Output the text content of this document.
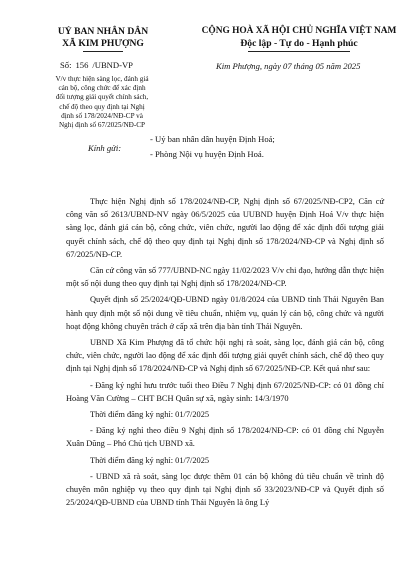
UỶ BAN NHÂN DÂN
XÃ KIM PHƯỢNG
CỘNG HOÀ XÃ HỘI CHỦ NGHĨA VIỆT NAM
Độc lập - Tự do - Hạnh phúc
Số: 156 /UBND-VP	Kim Phượng, ngày 07 tháng 05 năm 2025
V/v thực hiện sàng lọc, đánh giá
cán bộ, công chức để xác định
đối tượng giải quyết chính sách,
chế độ theo quy định tại Nghị
định số 178/2024/NĐ-CP và
Nghị định số 67/2025/NĐ-CP
Kính gửi:
- Uỷ ban nhân dân huyện Định Hoá;
- Phòng Nội vụ huyện Định Hoá.

Thực hiện Nghị định số 178/2024/NĐ-CP, Nghị định số 67/2025/NĐ-CP2, Căn cứ công văn số 2613/UBND-NV ngày 06/5/2025 của UUBND huyện Định Hoá V/v thực hiện sàng lọc, đánh giá cán bộ, công chức, viên chức, người lao động để xác định đối tượng giải quyết chính sách, chế độ theo quy định tại Nghị định số 178/2024/NĐ-CP và Nghị định số 67/2025/NĐ-CP.

Căn cứ công văn số 777/UBND-NC ngày 11/02/2023 V/v chi đạo, hướng dẫn thực hiện một số nội dung theo quy định tại Nghị định số 178/2024/NĐ-CP.

Quyết định số 25/2024/QĐ-UBND ngày 01/8/2024 của UBND tỉnh Thái Nguyên Ban hành quy định một số nội dung về tiêu chuẩn, nhiệm vụ, quản lý cán bộ, công chức và người hoạt động không chuyên trách ở cấp xã trên địa bàn tỉnh Thái Nguyên.

UBND Xã Kim Phượng đã tổ chức hội nghị rà soát, sàng lọc, đánh giá cán bộ, công chức, viên chức, người lao động để xác định đối tượng giải quyết chính sách, chế độ theo quy định tại Nghị định số 178/2024/NĐ-CP và Nghị định số 67/2025/NĐ-CP. Kết quả như sau:

- Đăng ký nghỉ hưu trước tuổi theo Điều 7 Nghị định 67/2025/NĐ-CP: có 01 đồng chí Hoàng Văn Cường – CHT BCH Quân sự xã, ngày sinh: 14/3/1970

Thời điểm đăng ký nghỉ: 01/7/2025

- Đăng ký nghỉ theo điều 9 Nghị định số 178/2024/NĐ-CP: có 01 đồng chí Nguyễn Xuân Dũng – Phó Chủ tịch UBND xã.

Thời điểm đăng ký nghỉ: 01/7/2025

- UBND xã rà soát, sàng lọc được thêm 01 cán bộ không đủ tiêu chuẩn về trình độ chuyên môn nghiệp vụ theo quy định tại Nghị định số 33/2023/NĐ-CP và Quyết định số 25/2024/QĐ-UBND của UBND tỉnh Thái Nguyên là ông Lý
